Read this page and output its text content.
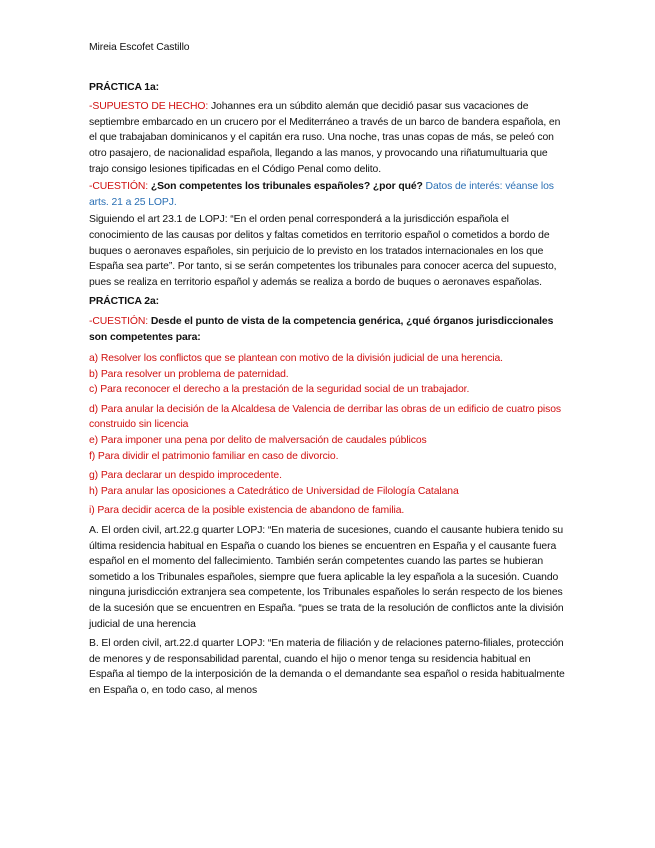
Mireia Escofet Castillo
PRÁCTICA 1a:
-SUPUESTO DE HECHO: Johannes era un súbdito alemán que decidió pasar sus vacaciones de septiembre embarcado en un crucero por el Mediterráneo a través de un barco de bandera española, en el que trabajaban dominicanos y el capitán era ruso. Una noche, tras unas copas de más, se peleó con otro pasajero, de nacionalidad española, llegando a las manos, y provocando una riñatumultuaria que trajo consigo lesiones tipificadas en el Código Penal como delito.
-CUESTIÓN: ¿Son competentes los tribunales españoles? ¿por qué? Datos de interés: véanse los arts. 21 a 25 LOPJ.
Siguiendo el art 23.1 de LOPJ: “En el orden penal corresponderá a la jurisdicción española el conocimiento de las causas por delitos y faltas cometidos en territorio español o cometidos a bordo de buques o aeronaves españoles, sin perjuicio de lo previsto en los tratados internacionales en los que España sea parte”. Por tanto, si se serán competentes los tribunales para conocer acerca del supuesto, pues se realiza en territorio español y además se realiza a bordo de buques o aeronaves españolas.
PRÁCTICA 2a:
-CUESTIÓN: Desde el punto de vista de la competencia genérica, ¿qué órganos jurisdiccionales son competentes para:
a) Resolver los conflictos que se plantean con motivo de la división judicial de una herencia.
b) Para resolver un problema de paternidad.
c) Para reconocer el derecho a la prestación de la seguridad social de un trabajador.
d) Para anular la decisión de la Alcaldesa de Valencia de derribar las obras de un edificio de cuatro pisos construido sin licencia
e) Para imponer una pena por delito de malversación de caudales públicos
f) Para dividir el patrimonio familiar en caso de divorcio.
g) Para declarar un despido improcedente.
h) Para anular las oposiciones a Catedrático de Universidad de Filología Catalana
i) Para decidir acerca de la posible existencia de abandono de familia.
A. El orden civil, art.22.g quarter LOPJ: “En materia de sucesiones, cuando el causante hubiera tenido su última residencia habitual en España o cuando los bienes se encuentren en España y el causante fuera español en el momento del fallecimiento. También serán competentes cuando las partes se hubieran sometido a los Tribunales españoles, siempre que fuera aplicable la ley española a la sucesión. Cuando ninguna jurisdicción extranjera sea competente, los Tribunales españoles lo serán respecto de los bienes de la sucesión que se encuentren en España. “pues se trata de la resolución de conflictos ante la división judicial de una herencia
B. El orden civil, art.22.d quarter LOPJ: “En materia de filiación y de relaciones paterno-filiales, protección de menores y de responsabilidad parental, cuando el hijo o menor tenga su residencia habitual en España al tiempo de la interposición de la demanda o el demandante sea español o resida habitualmente en España o, en todo caso, al menos
